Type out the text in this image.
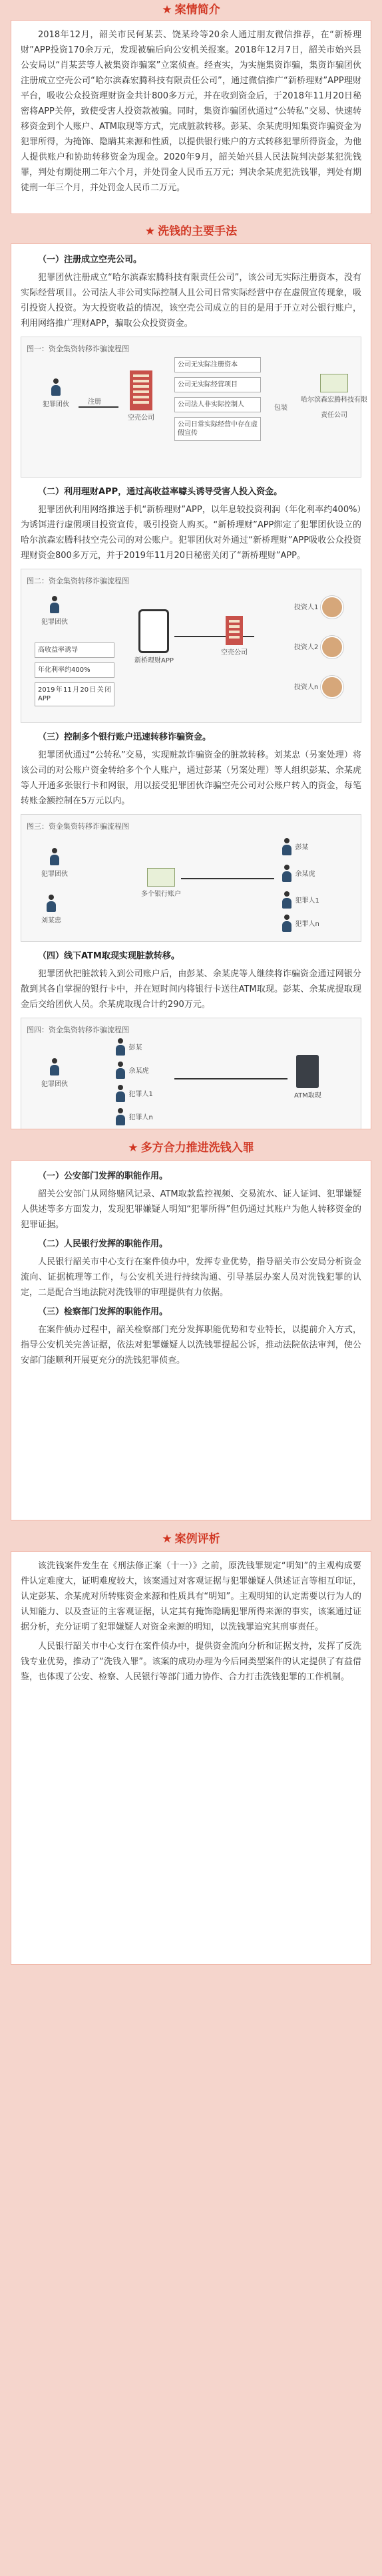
★ 案情简介

2018年12月，韶关市民何某芸、饶某玲等20余人通过朋友微信推荐，在“新桥理财”APP投资170余万元，发现被骗后向公安机关报案。2018年12月7日，韶关市始兴县公安局以“肖某芸等人被集资诈骗案”立案侦查。经查实，为实施集资诈骗，集资诈骗团伙注册成立空壳公司“哈尔滨森宏腾科技有限责任公司”，通过微信推广“新桥理财”APP理财平台，吸收公众投资理财资金共计800多万元，并在收到资金后，于2018年11月20日秘密将APP关停，致使受害人投资款被骗。同时，集资诈骗团伙通过“公转私”交易、快速转移资金到个人账户、ATM取现等方式，完成脏款转移。彭某、余某虎明知集资诈骗资金为犯罪所得，为掩饰、隐瞒其来源和性质，以提供银行账户的方式转移犯罪所得资金，为他人提供账户和协助转移资金为现金。2020年9月，韶关始兴县人民法院判决彭某犯洗钱罪，判处有期徒刑二年六个月，并处罚金人民币五万元；判决余某虎犯洗钱罪，判处有期徒刑一年三个月，并处罚金人民币二万元。

★ 洗钱的主要手法

（一）注册成立空壳公司。

犯罪团伙注册成立“哈尔滨森宏腾科技有限责任公司”，该公司无实际注册资本，没有实际经营项目。公司法人非公司实际控制人且公司日常实际经营中存在虚假宣传现象，吸引投资人投资。为大投资收益的情况，该空壳公司成立的目的是用于开立对公银行账户，利用网络推广理财APP，骗取公众投资资金。

图一：资金集资转移诈骗流程图
犯罪团伙	注册
空壳公司
公司无实际注册资本
公司无实际经营项目
公司法人非实际控制人
公司日常实际经营中存在虚假宣传
包装
哈尔滨森宏腾科技有限责任公司

（二）利用理财APP，通过高收益率噱头诱导受害人投入资金。

犯罪团伙利用网络推送手机“新桥理财”APP，以年息较投资利润（年化利率约400%）为诱饵进行虚假项目投资宣传，吸引投资人购买。“新桥理财”APP绑定了犯罪团伙设立的哈尔滨森宏腾科技空壳公司的对公账户。犯罪团伙对外通过“新桥理财”APP吸收公众投资理财资金800多万元，并于2019年11月20日秘密关闭了“新桥理财”APP。

图二：资金集资转移诈骗流程图
犯罪团伙
高收益率诱导
年化利率约400%
2019年11月20日关闭APP
新桥理财APP
空壳公司
投资人1

投资人2

投资人n

（三）控制多个银行账户迅速转移诈骗资金。

犯罪团伙通过“公转私”交易，实现赃款诈骗资金的脏款转移。刘某忠（另案处理）将该公司的对公账户资金转给多个个人账户，通过彭某（另案处理）等人组织彭某、余某虎等人开通多张银行卡和网银，用以接受犯罪团伙诈骗空壳公司对公账户转入的资金，每笔转账金额控制在5万元以内。

图三：资金集资转移诈骗流程图
犯罪团伙
刘某忠
多个银行账户

彭某

余某虎

犯罪人1

犯罪人n

（四）线下ATM取现实现脏款转移。

犯罪团伙把脏款转入到公司账户后，由彭某、余某虎等人继续将诈骗资金通过网银分散到其各自掌握的银行卡中，并在短时间内将银行卡送往ATM取现。彭某、余某虎提取现金后交给团伙人员。余某虎取现合计约290万元。

图四：资金集资转移诈骗流程图
犯罪团伙

彭某

余某虎

犯罪人1

犯罪人n
ATM取现
★ 多方合力推进洗钱入罪

（一）公安部门发挥的职能作用。

韶关公安部门从网络赌风记录、ATM取款监控视频、交易流水、证人证词、犯罪嫌疑人供述等多方面发力，发现犯罪嫌疑人明知“犯罪所得”但仍通过其账户为他人转移资金的犯罪证据。

（二）人民银行发挥的职能作用。

人民银行韶关市中心支行在案件侦办中，发挥专业优势，指导韶关市公安局分析资金流向、证据梳理等工作，与公安机关进行持续沟通、引导基层办案人员对洗钱犯罪的认定，二是配合当地法院对洗钱罪的审理提供有力依据。

（三）检察部门发挥的职能作用。

在案件侦办过程中，韶关检察部门充分发挥职能优势和专业特长，以提前介入方式，指导公安机关完善证据，依法对犯罪嫌疑人以洗钱罪提起公诉，推动法院依法审判，使公安部门能顺利开展更充分的洗钱犯罪侦查。

★ 案例评析

该洗钱案件发生在《刑法修正案（十一）》之前，原洗钱罪规定“明知”的主观构成要件认定难度大，证明难度较大，该案通过对客观证据与犯罪嫌疑人供述证言等相互印证，认定彭某、余某虎对所转账资金来源和性质具有“明知”。主观明知的认定需要以行为人的认知能力、以及查证的主客观证据，认定其有掩饰隐瞒犯罪所得来源的事实，该案通过证据分析，充分证明了犯罪嫌疑人对资金来源的明知，以洗钱罪追究其刑事责任。

人民银行韶关市中心支行在案件侦办中，提供资金流向分析和证据支持，发挥了反洗钱专业优势，推动了“洗钱入罪”。该案的成功办理为今后同类型案件的认定提供了有益借鉴，也体现了公安、检察、人民银行等部门通力协作、合力打击洗钱犯罪的工作机制。
